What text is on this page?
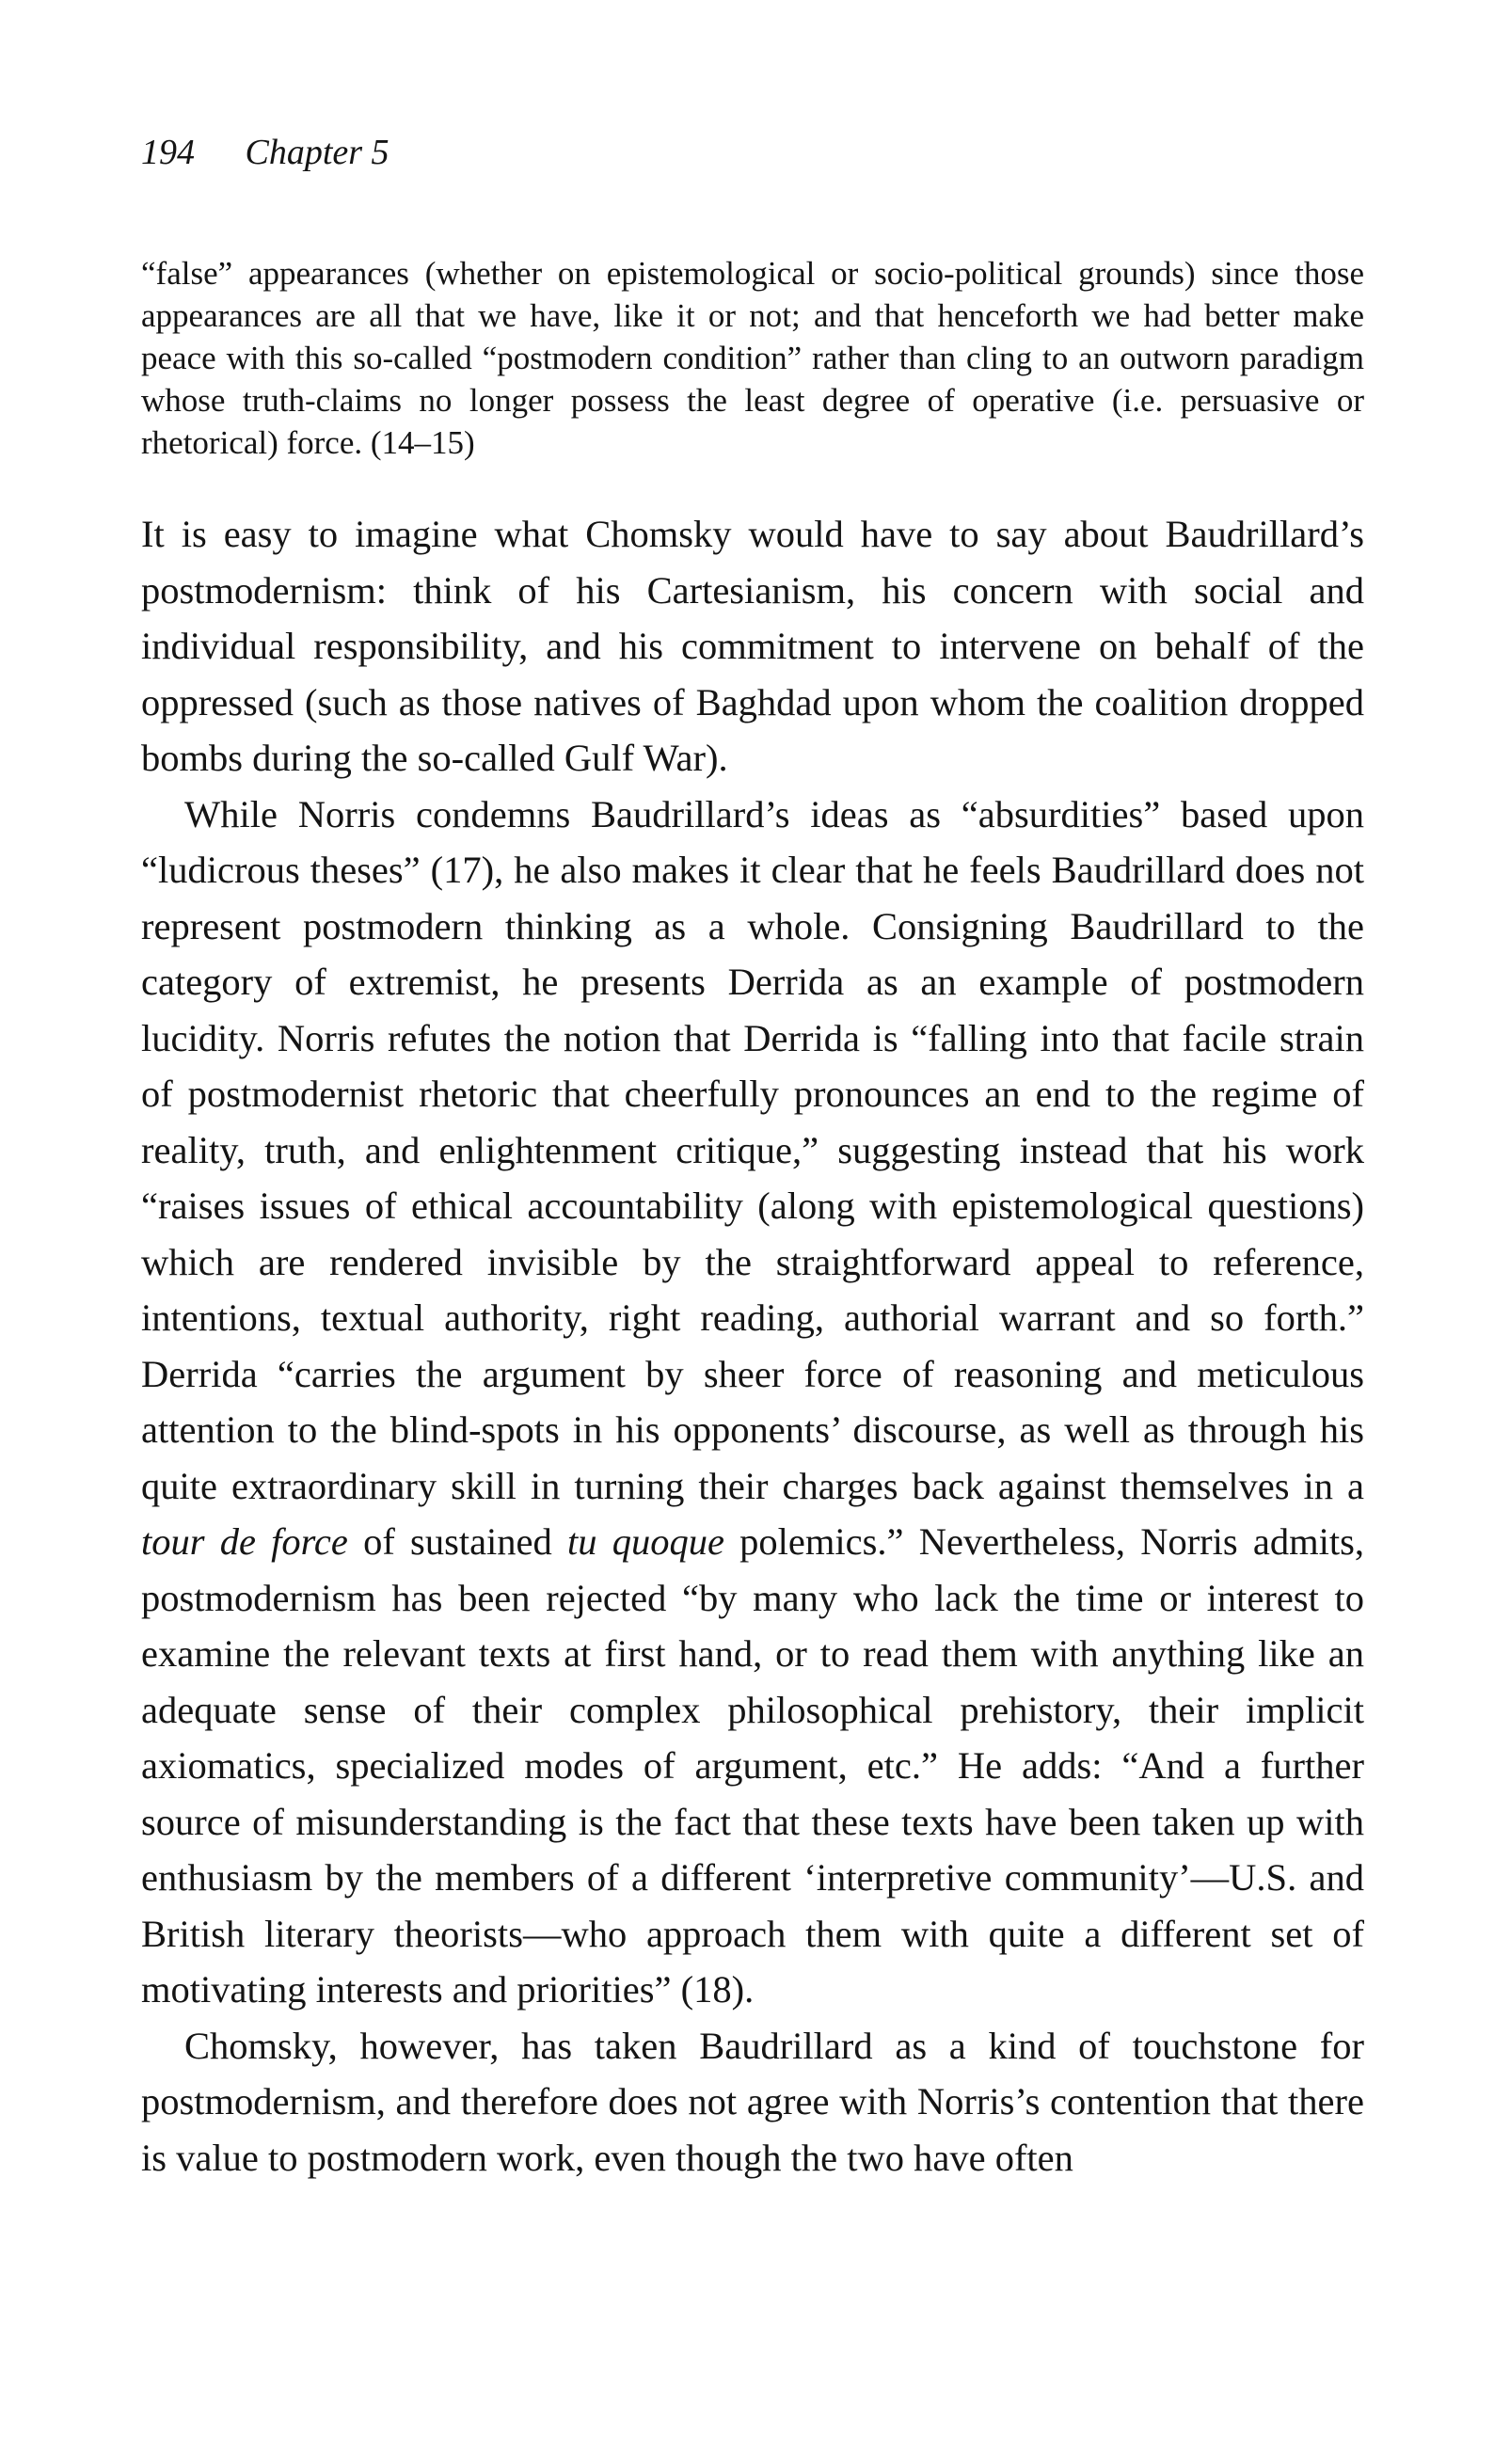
194 Chapter 5

“false” appearances (whether on epistemological or socio-political grounds) since those appearances are all that we have, like it or not; and that henceforth we had better make peace with this so-called “postmodern condition” rather than cling to an outworn paradigm whose truth-claims no longer possess the least degree of operative (i.e. persuasive or rhetorical) force. (14–15)

It is easy to imagine what Chomsky would have to say about Baudrillard’s postmodernism: think of his Cartesianism, his concern with social and individual responsibility, and his commitment to intervene on behalf of the oppressed (such as those natives of Baghdad upon whom the coalition dropped bombs during the so-called Gulf War).

While Norris condemns Baudrillard’s ideas as “absurdities” based upon “ludicrous theses” (17), he also makes it clear that he feels Baudrillard does not represent postmodern thinking as a whole. Consigning Baudrillard to the category of extremist, he presents Derrida as an example of postmodern lucidity. Norris refutes the notion that Derrida is “falling into that facile strain of postmodernist rhetoric that cheerfully pronounces an end to the regime of reality, truth, and enlightenment critique,” suggesting instead that his work “raises issues of ethical accountability (along with epistemological questions) which are rendered invisible by the straightforward appeal to reference, intentions, textual authority, right reading, authorial warrant and so forth.” Derrida “carries the argument by sheer force of reasoning and meticulous attention to the blind-spots in his opponents’ discourse, as well as through his quite extraordinary skill in turning their charges back against themselves in a tour de force of sustained tu quoque polemics.” Nevertheless, Norris admits, postmodernism has been rejected “by many who lack the time or interest to examine the relevant texts at first hand, or to read them with anything like an adequate sense of their complex philosophical prehistory, their implicit axiomatics, specialized modes of argument, etc.” He adds: “And a further source of misunderstanding is the fact that these texts have been taken up with enthusiasm by the members of a different ‘interpretive community’—U.S. and British literary theorists—who approach them with quite a different set of motivating interests and priorities” (18).

Chomsky, however, has taken Baudrillard as a kind of touchstone for postmodernism, and therefore does not agree with Norris’s contention that there is value to postmodern work, even though the two have often
